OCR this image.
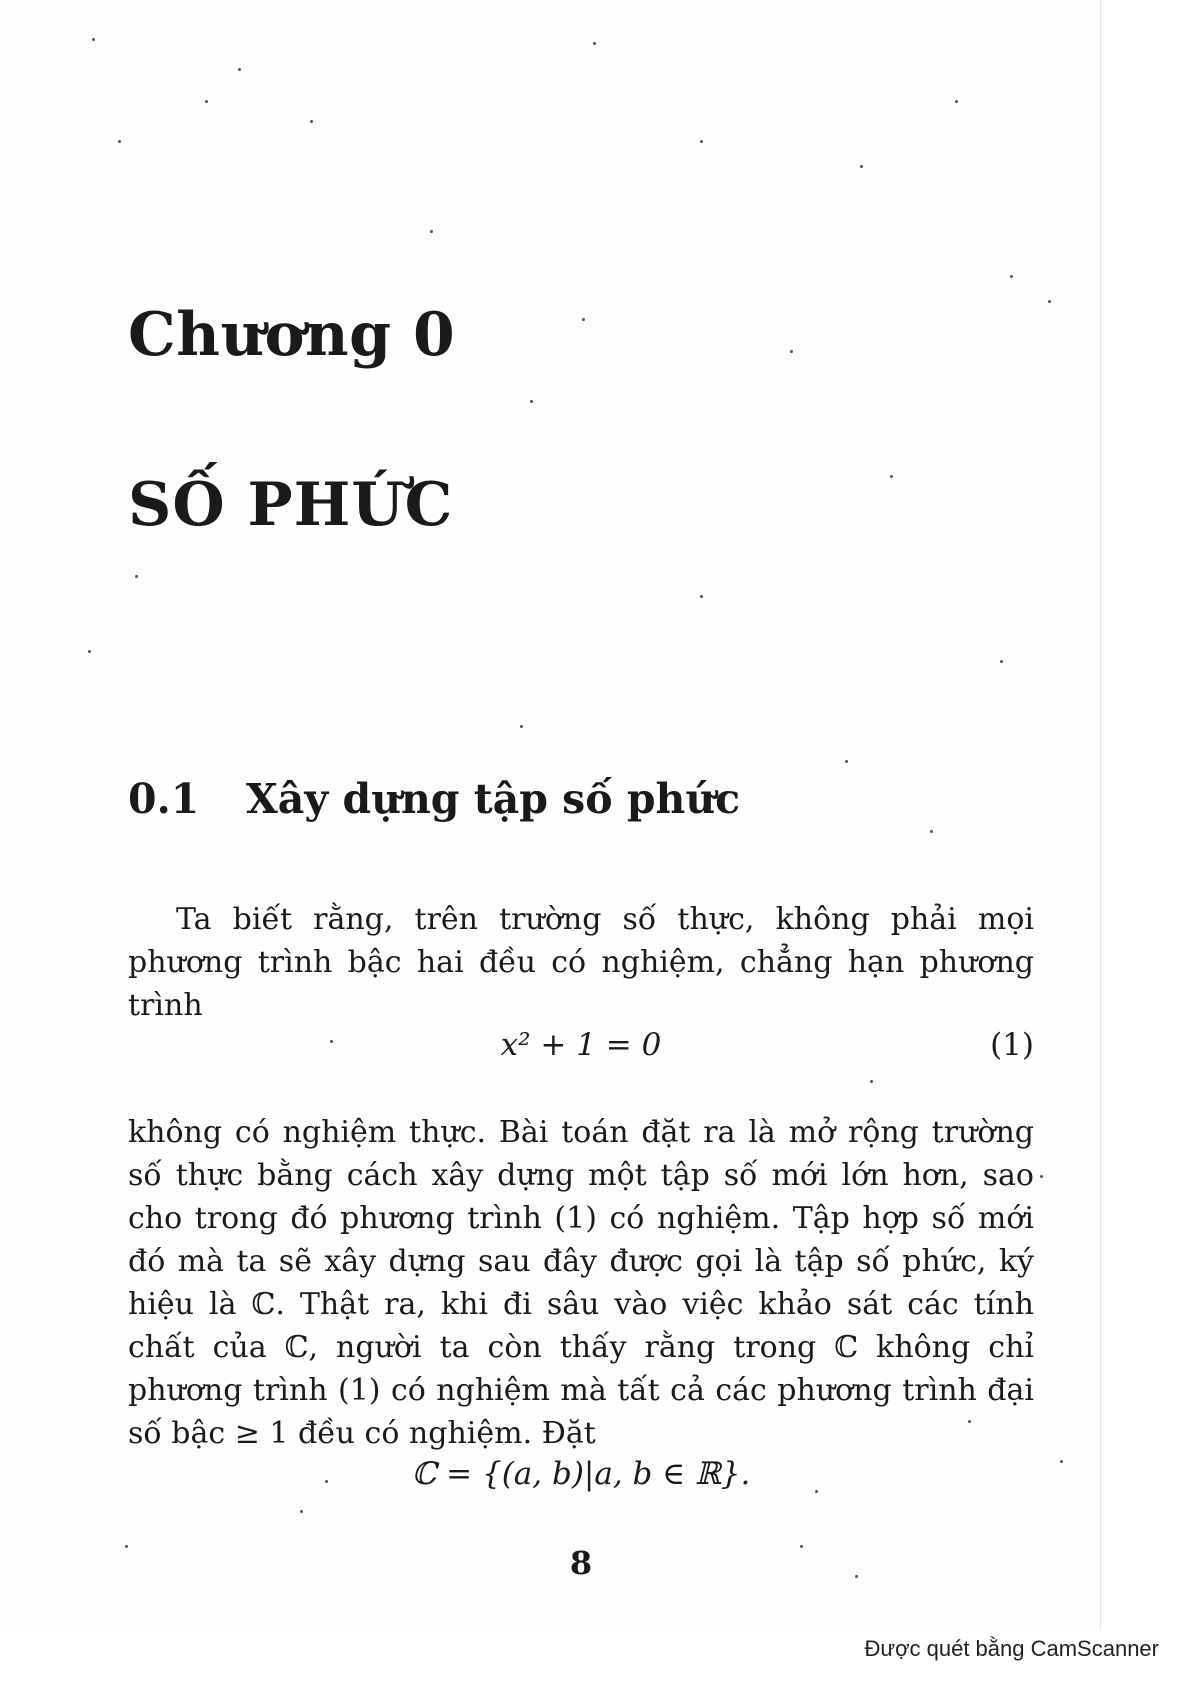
Chương 0
SỐ PHỨC
0.1 Xây dựng tập số phức
Ta biết rằng, trên trường số thực, không phải mọi phương trình bậc hai đều có nghiệm, chẳng hạn phương trình
x² + 1 = 0	(1)
không có nghiệm thực. Bài toán đặt ra là mở rộng trường số thực bằng cách xây dựng một tập số mới lớn hơn, sao cho trong đó phương trình (1) có nghiệm. Tập hợp số mới đó mà ta sẽ xây dựng sau đây được gọi là tập số phức, ký hiệu là ℂ. Thật ra, khi đi sâu vào việc khảo sát các tính chất của ℂ, người ta còn thấy rằng trong ℂ không chỉ phương trình (1) có nghiệm mà tất cả các phương trình đại số bậc ≥ 1 đều có nghiệm. Đặt
ℂ = {(a, b)|a, b ∈ ℝ}.
8
Được quét bằng CamScanner
